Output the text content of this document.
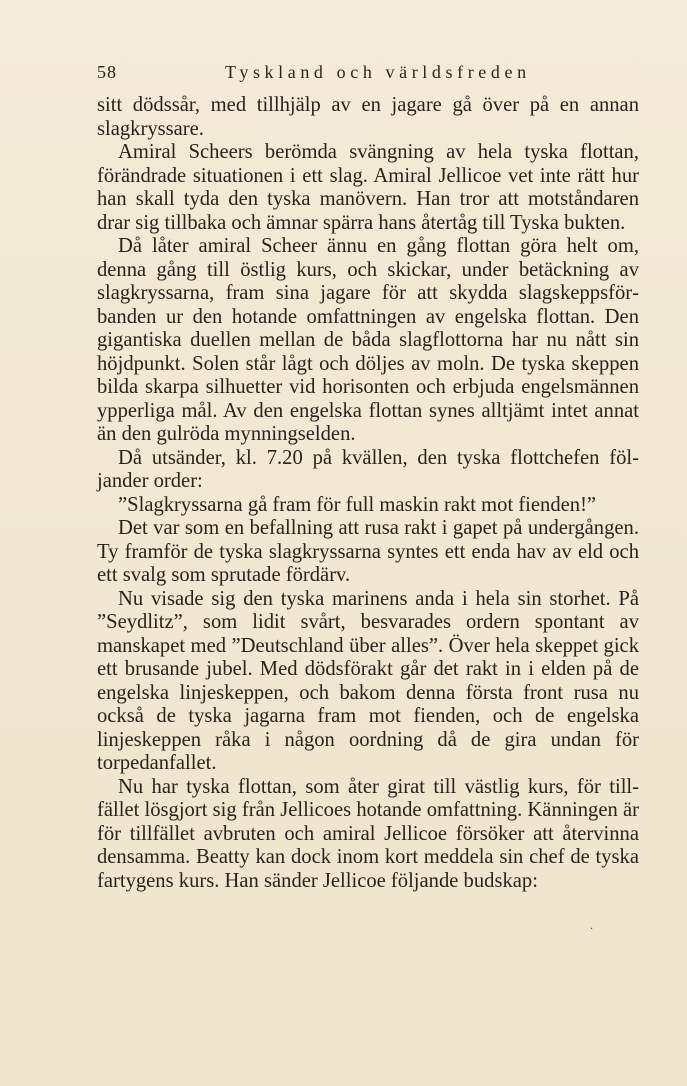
58	Tyskland och världsfreden

sitt dödssår, med tillhjälp av en jagare gå över på en annan slagkryssare.

Amiral Scheers berömda svängning av hela tyska flottan, förändrade situationen i ett slag. Amiral Jellicoe vet inte rätt hur han skall tyda den tyska manövern. Han tror att motståndaren drar sig tillbaka och ämnar spärra hans återtåg till Tyska bukten.

Då låter amiral Scheer ännu en gång flottan göra helt om, denna gång till östlig kurs, och skickar, under betäckning av slagkryssarna, fram sina jagare för att skydda slagskeppsförbanden ur den hotande omfattningen av engelska flottan. Den gigantiska duellen mellan de båda slagflottorna har nu nått sin höjdpunkt. Solen står lågt och döljes av moln. De tyska skeppen bilda skarpa silhuetter vid horisonten och erbjuda engelsmännen ypperliga mål. Av den engelska flottan synes alltjämt intet annat än den gulröda mynningselden.

Då utsänder, kl. 7.20 på kvällen, den tyska flottchefen följander order:

”Slagkryssarna gå fram för full maskin rakt mot fienden!”

Det var som en befallning att rusa rakt i gapet på undergången. Ty framför de tyska slagkryssarna syntes ett enda hav av eld och ett svalg som sprutade fördärv.

Nu visade sig den tyska marinens anda i hela sin storhet. På ”Seydlitz”, som lidit svårt, besvarades ordern spontant av manskapet med ”Deutschland über alles”. Över hela skeppet gick ett brusande jubel. Med dödsförakt går det rakt in i elden på de engelska linjeskeppen, och bakom denna första front rusa nu också de tyska jagarna fram mot fienden, och de engelska linjeskeppen råka i någon oordning då de gira undan för torpedanfallet.

Nu har tyska flottan, som åter girat till västlig kurs, för tillfället lösgjort sig från Jellicoes hotande omfattning. Känningen är för tillfället avbruten och amiral Jellicoe försöker att återvinna densamma. Beatty kan dock inom kort meddela sin chef de tyska fartygens kurs. Han sänder Jellicoe följande budskap:

·
